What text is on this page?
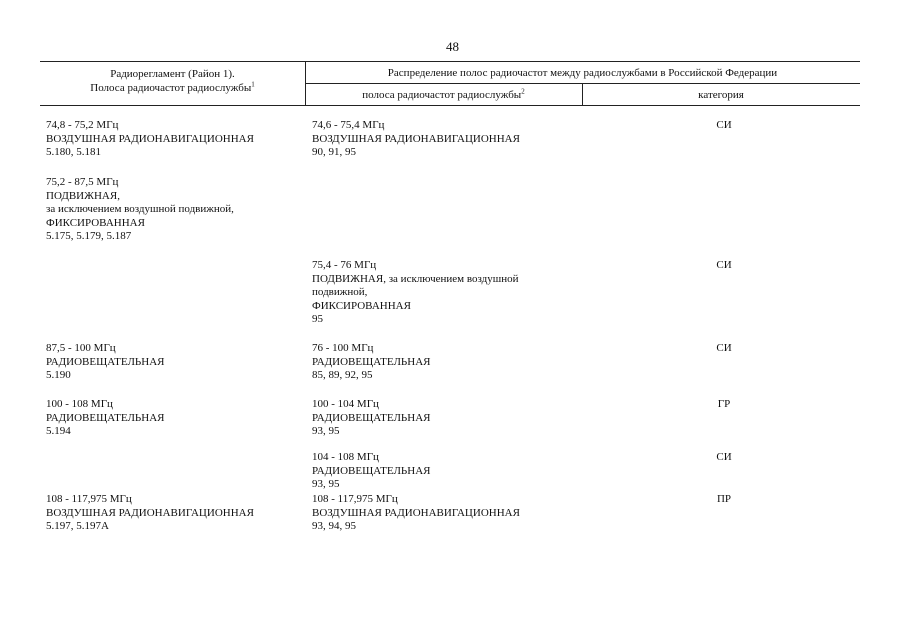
48
Радиорегламент (Район 1).
Полоса радиочастот радиослужбы$^1$
Распределение полос радиочастот между радиослужбами в Российской Федерации
полоса радиочастот радиослужбы$^2$	категория
74,8 - 75,2 МГц
ВОЗДУШНАЯ РАДИОНАВИГАЦИОННАЯ
5.180, 5.181
74,6 - 75,4 МГц
ВОЗДУШНАЯ РАДИОНАВИГАЦИОННАЯ
90, 91, 95
СИ
75,2 - 87,5 МГц
ПОДВИЖНАЯ,
за исключением воздушной подвижной,
ФИКСИРОВАННАЯ
5.175, 5.179, 5.187
75,4 - 76 МГц
ПОДВИЖНАЯ, за исключением воздушной
подвижной,
ФИКСИРОВАННАЯ
95
СИ
87,5 - 100 МГц
РАДИОВЕЩАТЕЛЬНАЯ
5.190
76 - 100 МГц
РАДИОВЕЩАТЕЛЬНАЯ
85, 89, 92, 95
СИ
100 - 108 МГц
РАДИОВЕЩАТЕЛЬНАЯ
5.194
100 - 104 МГц
РАДИОВЕЩАТЕЛЬНАЯ
93, 95
ГР
104 - 108 МГц
РАДИОВЕЩАТЕЛЬНАЯ
93, 95
СИ
108 - 117,975 МГц
ВОЗДУШНАЯ РАДИОНАВИГАЦИОННАЯ
5.197, 5.197А
108 - 117,975 МГц
ВОЗДУШНАЯ РАДИОНАВИГАЦИОННАЯ
93, 94, 95
ПР
